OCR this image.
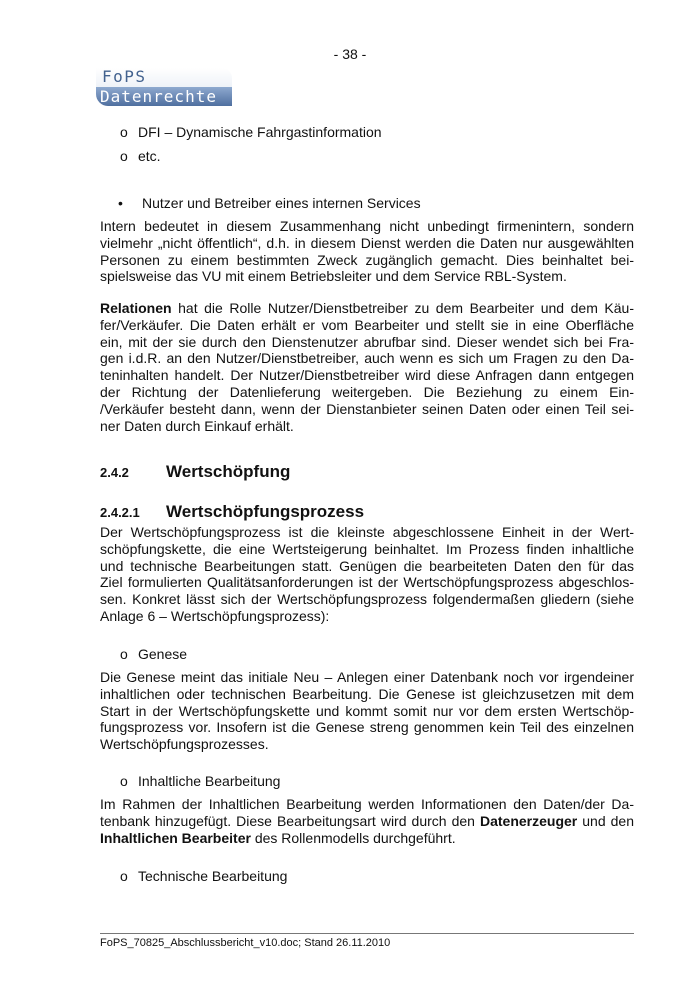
- 38 -
FoPS
Datenrechte
o DFI – Dynamische Fahrgastinformation
o etc.
• Nutzer und Betreiber eines internen Services
Intern bedeutet in diesem Zusammenhang nicht unbedingt firmenintern, sondern
vielmehr „nicht öffentlich“, d.h. in diesem Dienst werden die Daten nur ausgewählten
Personen zu einem bestimmten Zweck zugänglich gemacht. Dies beinhaltet bei-
spielsweise das VU mit einem Betriebsleiter und dem Service RBL-System.
Relationen hat die Rolle Nutzer/Dienstbetreiber zu dem Bearbeiter und dem Käu-
fer/Verkäufer. Die Daten erhält er vom Bearbeiter und stellt sie in eine Oberfläche
ein, mit der sie durch den Dienstenutzer abrufbar sind. Dieser wendet sich bei Fra-
gen i.d.R. an den Nutzer/Dienstbetreiber, auch wenn es sich um Fragen zu den Da-
teninhalten handelt. Der Nutzer/Dienstbetreiber wird diese Anfragen dann entgegen
der Richtung der Datenlieferung weitergeben. Die Beziehung zu einem Ein-
/Verkäufer besteht dann, wenn der Dienstanbieter seinen Daten oder einen Teil sei-
ner Daten durch Einkauf erhält.
2.4.2 Wertschöpfung
2.4.2.1 Wertschöpfungsprozess
Der Wertschöpfungsprozess ist die kleinste abgeschlossene Einheit in der Wert-
schöpfungskette, die eine Wertsteigerung beinhaltet. Im Prozess finden inhaltliche
und technische Bearbeitungen statt. Genügen die bearbeiteten Daten den für das
Ziel formulierten Qualitätsanforderungen ist der Wertschöpfungsprozess abgeschlos-
sen. Konkret lässt sich der Wertschöpfungsprozess folgendermaßen gliedern (siehe
Anlage 6 – Wertschöpfungsprozess):
o Genese
Die Genese meint das initiale Neu – Anlegen einer Datenbank noch vor irgendeiner
inhaltlichen oder technischen Bearbeitung. Die Genese ist gleichzusetzen mit dem
Start in der Wertschöpfungskette und kommt somit nur vor dem ersten Wertschöp-
fungsprozess vor. Insofern ist die Genese streng genommen kein Teil des einzelnen
Wertschöpfungsprozesses.
o Inhaltliche Bearbeitung
Im Rahmen der Inhaltlichen Bearbeitung werden Informationen den Daten/der Da-
tenbank hinzugefügt. Diese Bearbeitungsart wird durch den Datenerzeuger und den
Inhaltlichen Bearbeiter des Rollenmodells durchgeführt.
o Technische Bearbeitung
FoPS_70825_Abschlussbericht_v10.doc; Stand 26.11.2010
